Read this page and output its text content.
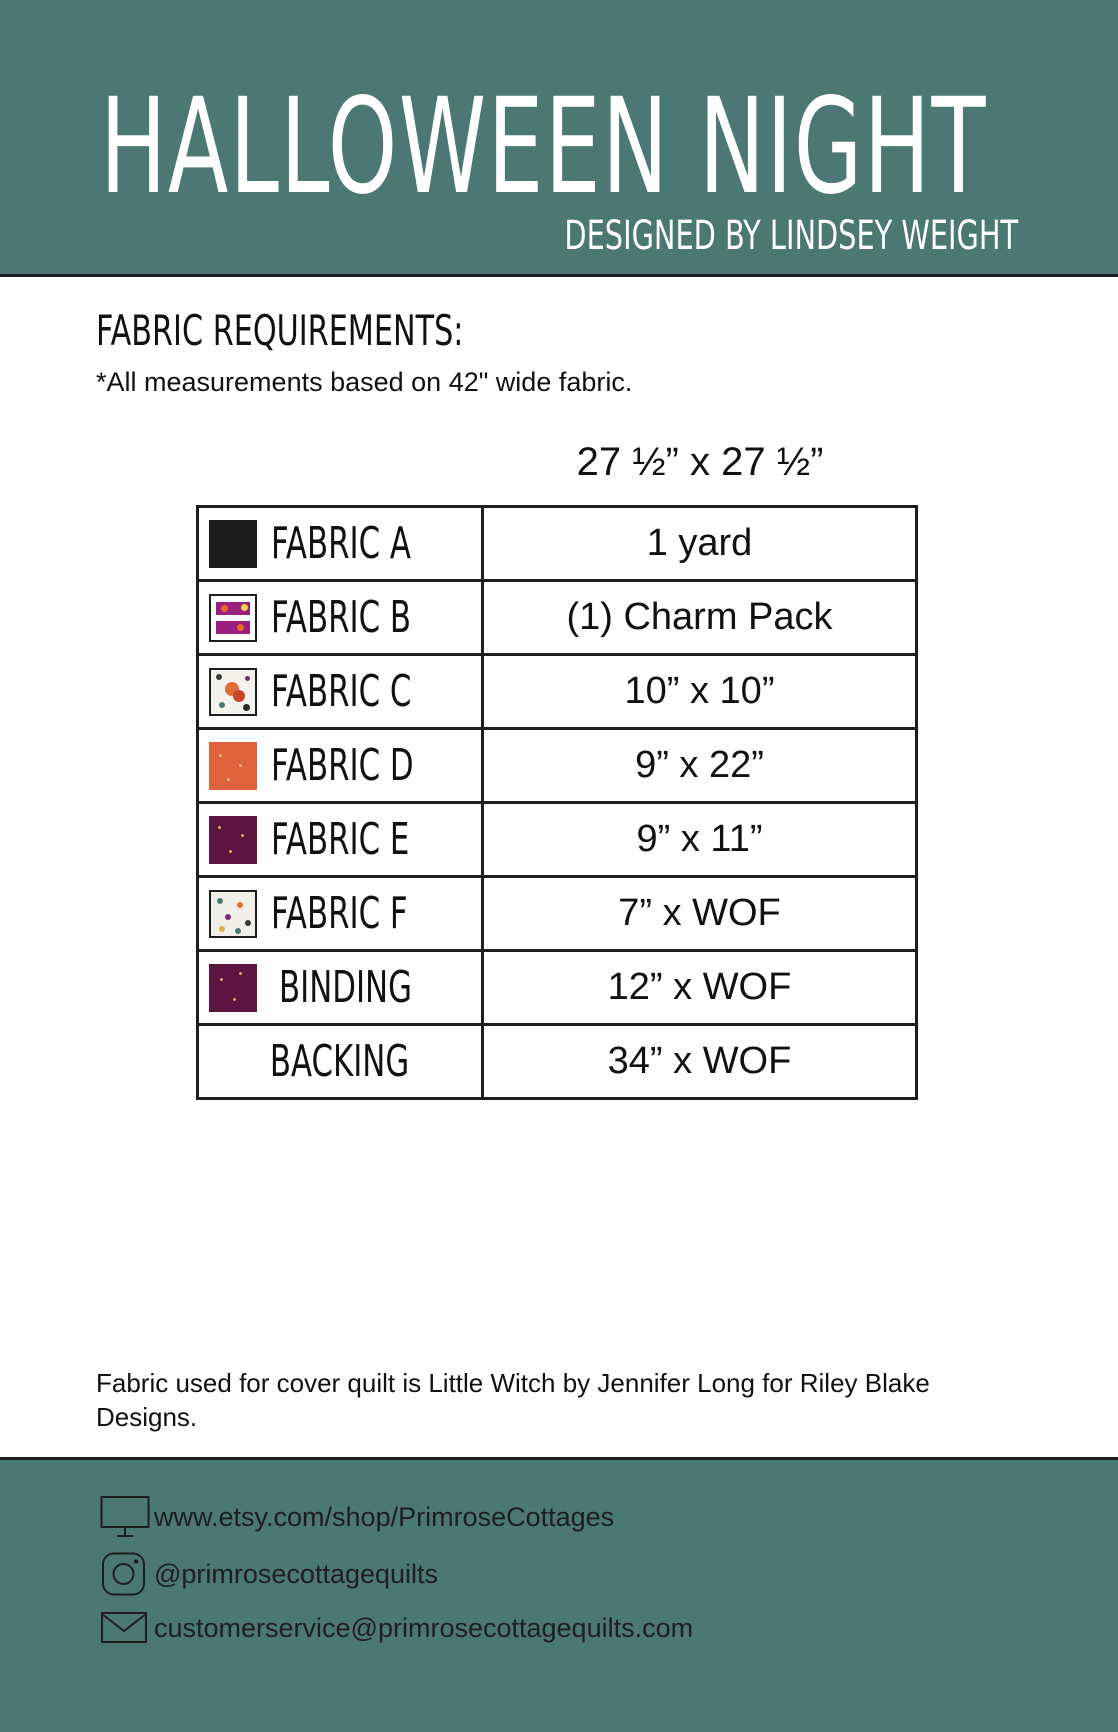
HALLOWEEN NIGHT
DESIGNED BY LINDSEY WEIGHT
FABRIC REQUIREMENTS:
*All measurements based on 42" wide fabric.
27 ½” x 27 ½”
FABRIC A	1 yard

FABRIC B	(1) Charm Pack

FABRIC C	10” x 10”

FABRIC D	9” x 22”

FABRIC E	9” x 11”

FABRIC F	7” x WOF

BINDING	12” x WOF

BACKING	34” x WOF
Fabric used for cover quilt is Little Witch by Jennifer Long for Riley Blake Designs.
www.etsy.com/shop/PrimroseCottages
@primrosecottagequilts
customerservice@primrosecottagequilts.com
